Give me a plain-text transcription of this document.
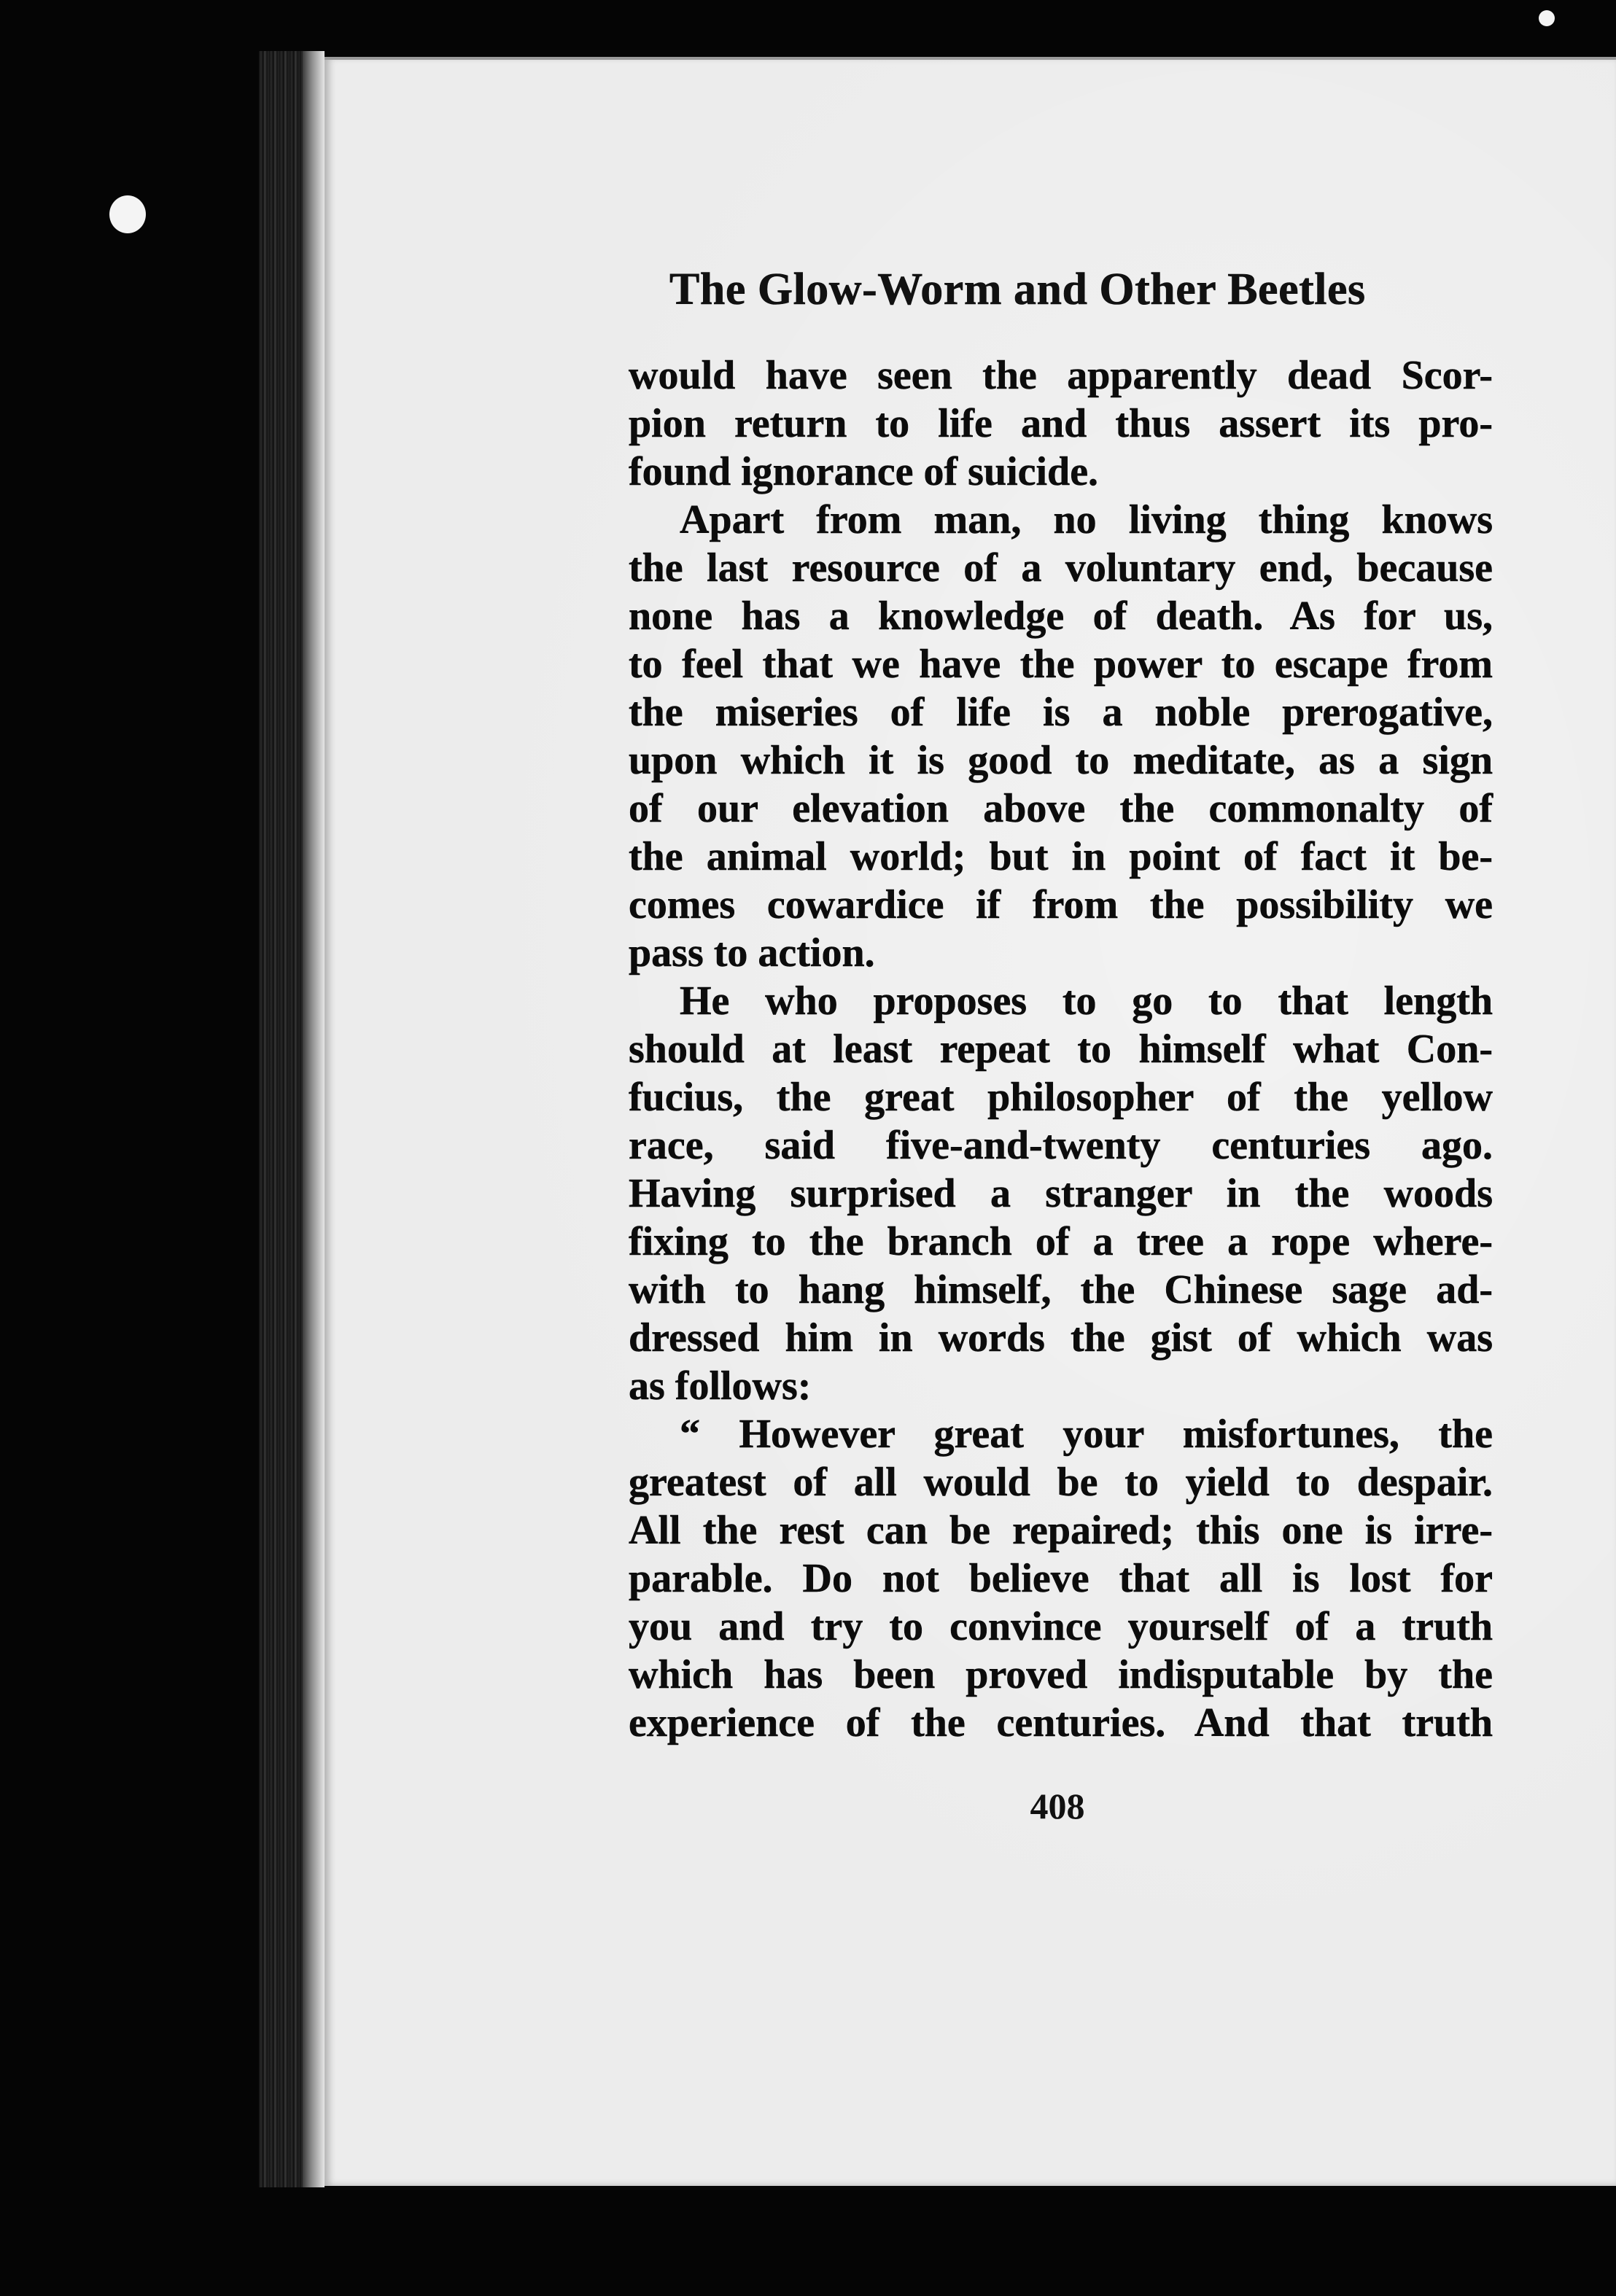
The Glow-Worm and Other Beetles
would have seen the apparently dead Scor-
pion return to life and thus assert its pro-
found ignorance of suicide.
Apart from man, no living thing knows
the last resource of a voluntary end, because
none has a knowledge of death. As for us,
to feel that we have the power to escape from
the miseries of life is a noble prerogative,
upon which it is good to meditate, as a sign
of our elevation above the commonalty of
the animal world; but in point of fact it be-
comes cowardice if from the possibility we
pass to action.
He who proposes to go to that length
should at least repeat to himself what Con-
fucius, the great philosopher of the yellow
race, said five-and-twenty centuries ago.
Having surprised a stranger in the woods
fixing to the branch of a tree a rope where-
with to hang himself, the Chinese sage ad-
dressed him in words the gist of which was
as follows:
“ However great your misfortunes, the
greatest of all would be to yield to despair.
All the rest can be repaired; this one is irre-
parable. Do not believe that all is lost for
you and try to convince yourself of a truth
which has been proved indisputable by the
experience of the centuries. And that truth
408
